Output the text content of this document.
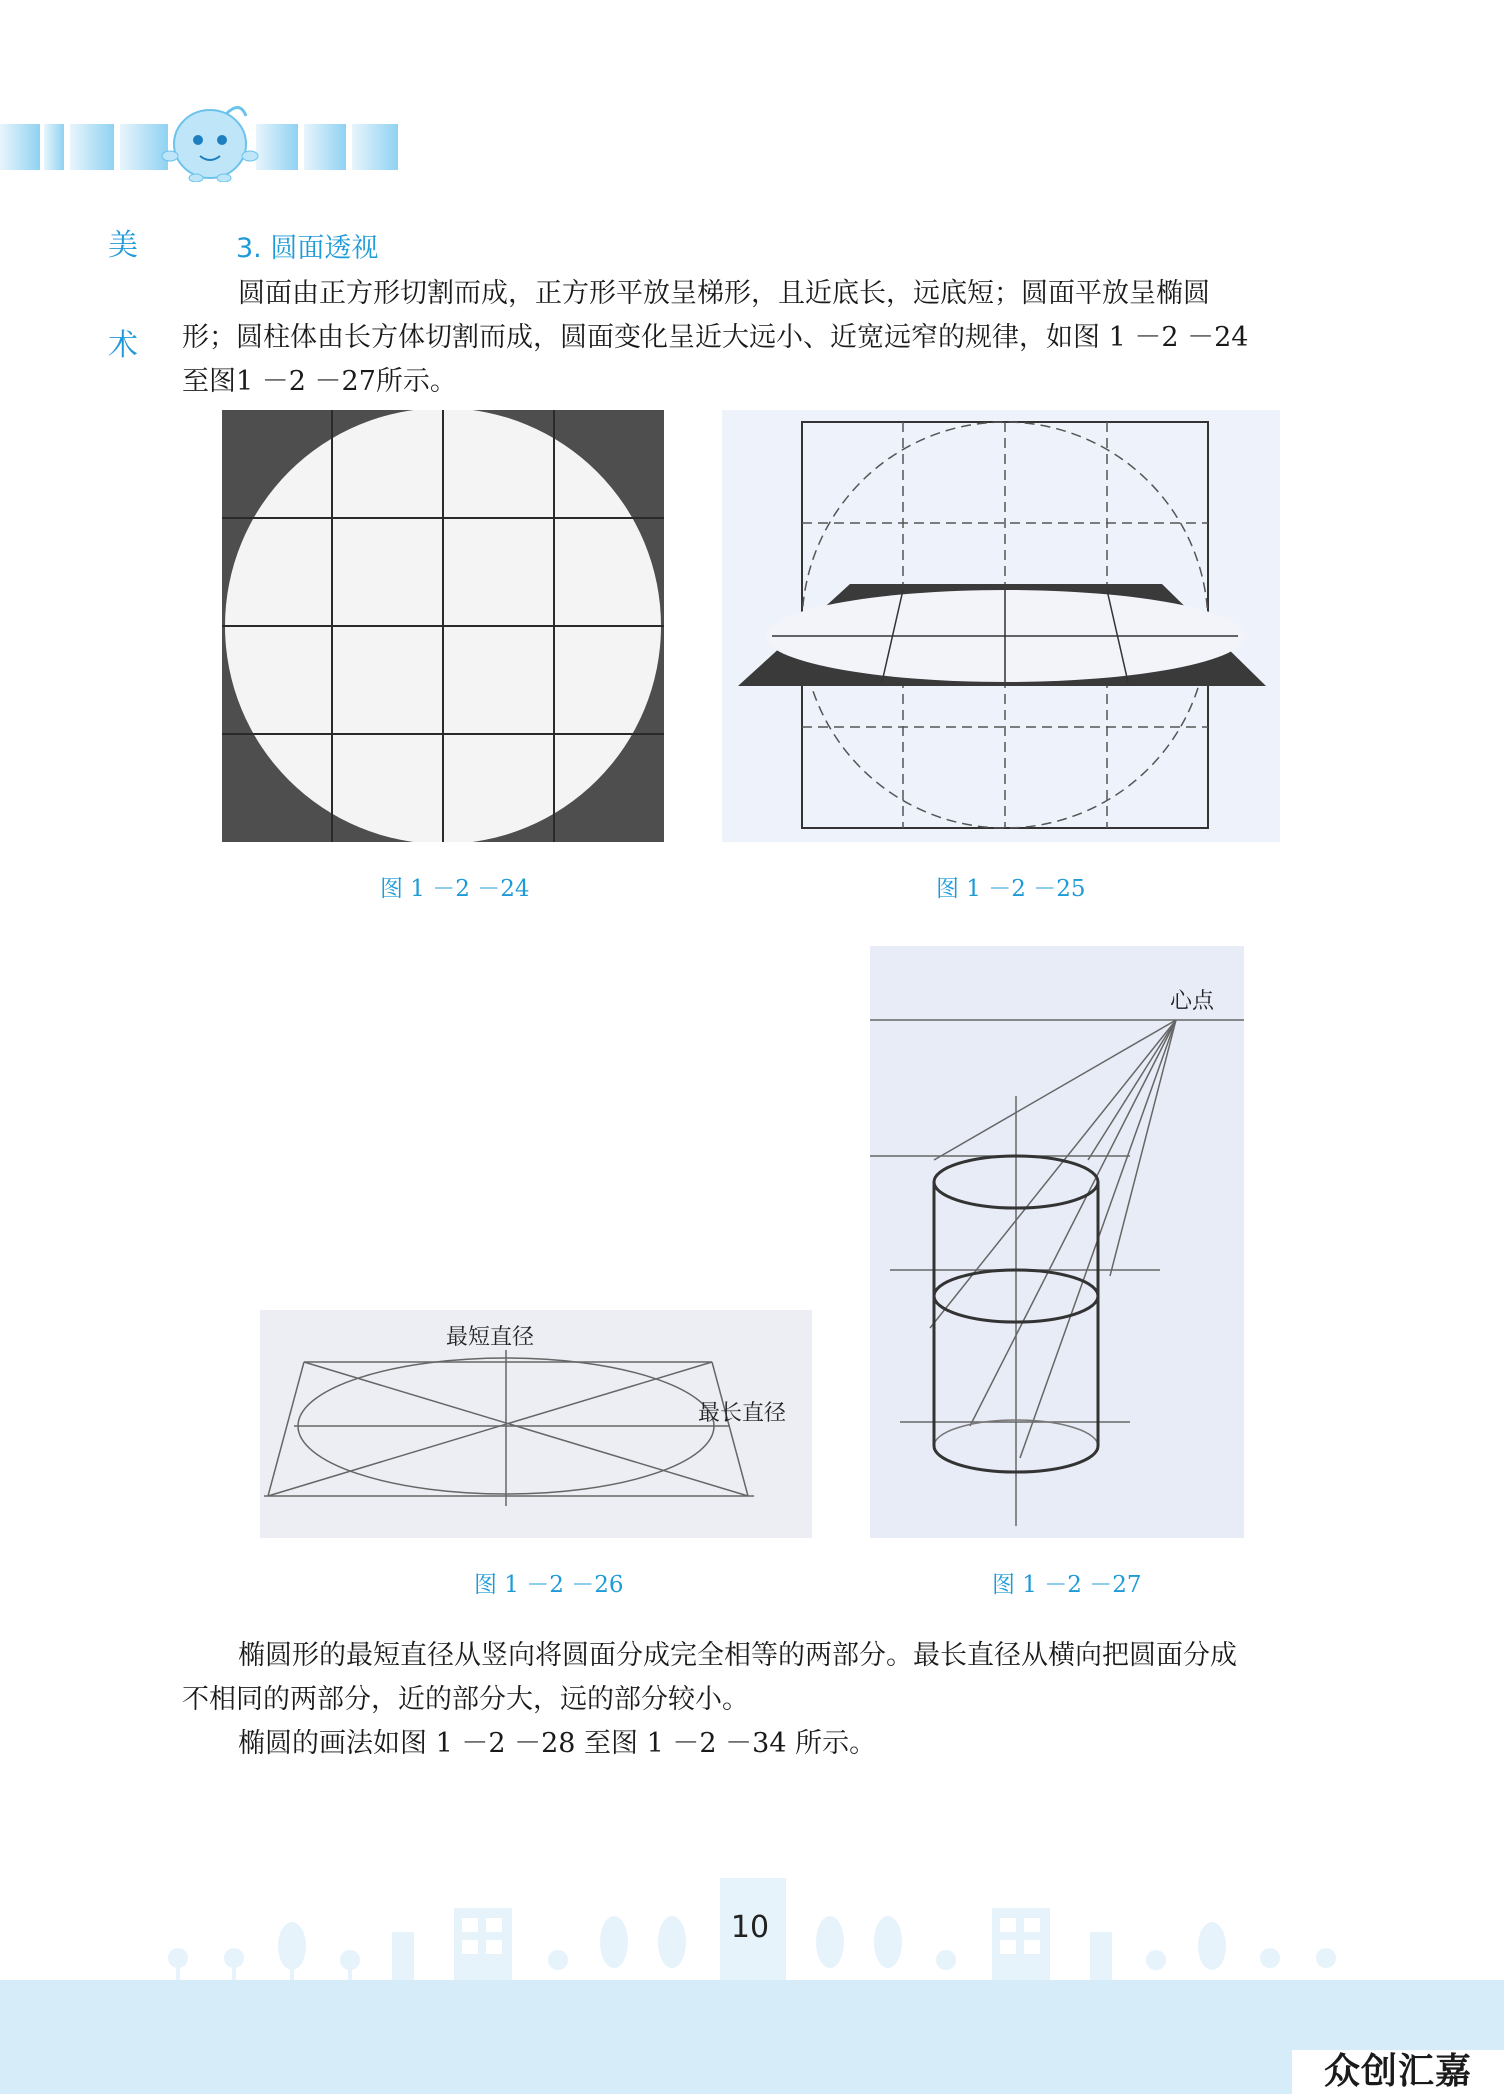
美
术
3. 圆面透视
圆面由正方形切割而成，正方形平放呈梯形，且近底长，远底短；圆面平放呈椭圆
形；圆柱体由长方体切割而成，圆面变化呈近大远小、近宽远窄的规律，如图 1 －2 －24
至图1 －2 －27所示。
图 1 －2 －24	图 1 －2 －25
最短直径
最长直径
图 1 －2 －26
心点
图 1 －2 －27
椭圆形的最短直径从竖向将圆面分成完全相等的两部分。最长直径从横向把圆面分成
不相同的两部分，近的部分大，远的部分较小。
椭圆的画法如图 1 －2 －28 至图 1 －2 －34 所示。
10
众创汇嘉
